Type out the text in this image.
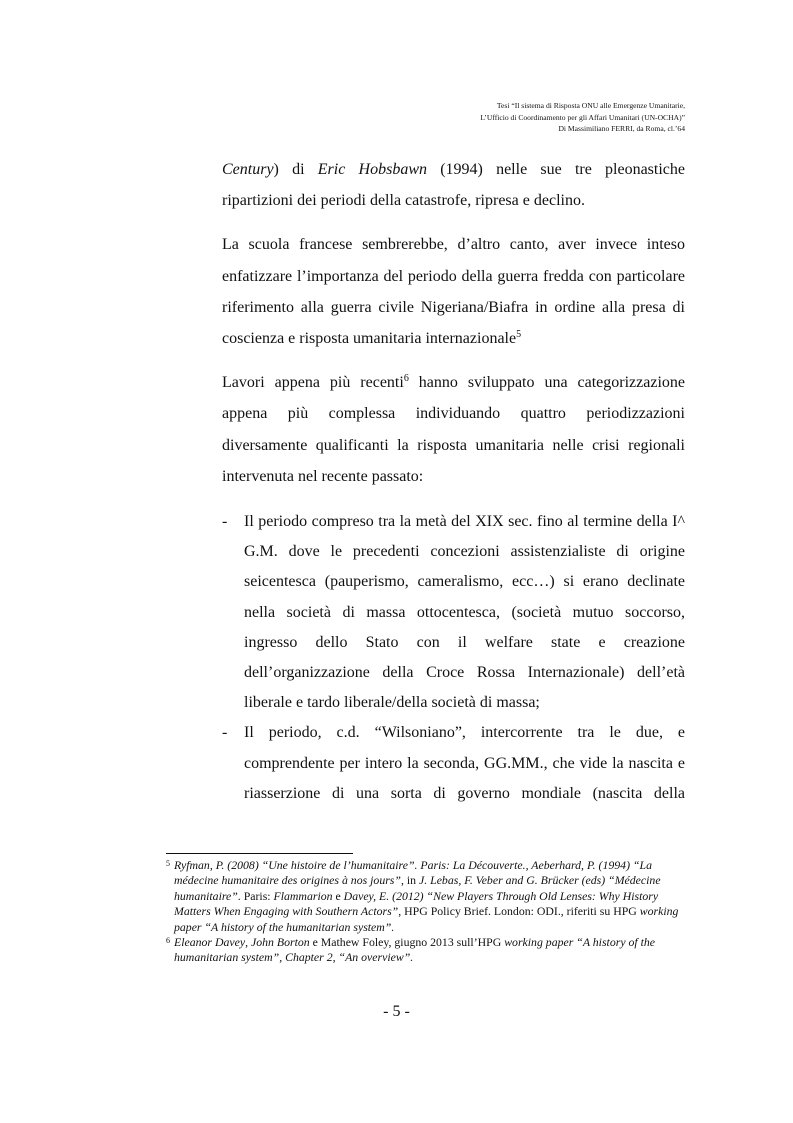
Tesi “Il sistema di Risposta ONU alle Emergenze Umanitarie,
L’Ufficio di Coordinamento per gli Affari Umanitari (UN-OCHA)”
Di Massimiliano FERRI, da Roma, cl.’64

Century) di Eric Hobsbawn (1994) nelle sue tre pleonastiche ripartizioni dei periodi della catastrofe, ripresa e declino.

La scuola francese sembrerebbe, d’altro canto, aver invece inteso enfatizzare l’importanza del periodo della guerra fredda con particolare riferimento alla guerra civile Nigeriana/Biafra in ordine alla presa di coscienza e risposta umanitaria internazionale$^5$

Lavori appena più recenti$^6$ hanno sviluppato una categorizzazione appena più complessa individuando quattro periodizzazioni diversamente qualificanti la risposta umanitaria nelle crisi regionali intervenuta nel recente passato:

- Il periodo compreso tra la metà del XIX sec. fino al termine della I^ G.M. dove le precedenti concezioni assistenzialiste di origine seicentesca (pauperismo, cameralismo, ecc…) si erano declinate nella società di massa ottocentesca, (società mutuo soccorso, ingresso dello Stato con il welfare state e creazione dell’organizzazione della Croce Rossa Internazionale) dell’età liberale e tardo liberale/della società di massa;
- Il periodo, c.d. “Wilsoniano”, intercorrente tra le due, e comprendente per intero la seconda, GG.MM., che vide la nascita e riasserzione di una sorta di governo mondiale (nascita della
5 Ryfman, P. (2008) “Une histoire de l’humanitaire”. Paris: La Découverte., Aeberhard, P. (1994) “La médecine humanitaire des origines à nos jours”, in J. Lebas, F. Veber and G. Brücker (eds) “Médecine humanitaire”. Paris: Flammarion e Davey, E. (2012) “New Players Through Old Lenses: Why History Matters When Engaging with Southern Actors”, HPG Policy Brief. London: ODI., riferiti su HPG working paper “A history of the humanitarian system”.
6 Eleanor Davey, John Borton e Mathew Foley, giugno 2013 sull’HPG working paper “A history of the humanitarian system”, Chapter 2, “An overview”.
- 5 -
